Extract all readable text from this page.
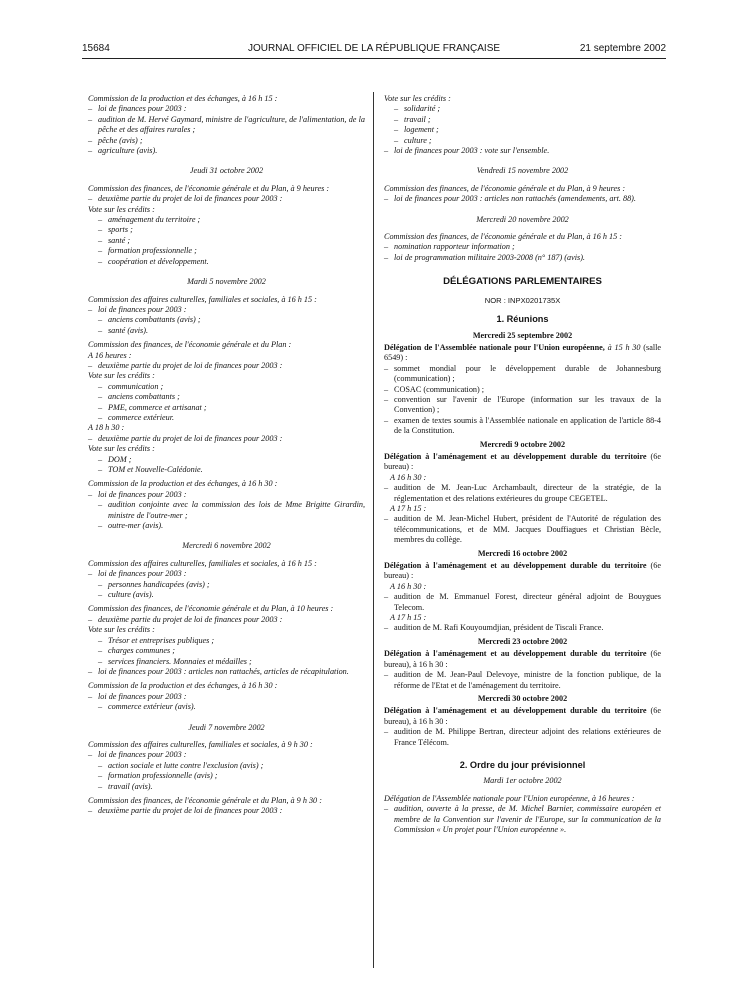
15684	JOURNAL OFFICIEL DE LA RÉPUBLIQUE FRANÇAISE	21 septembre 2002

Commission de la production et des échanges, à 16 h 15 :

– loi de finances pour 2003 :
– audition de M. Hervé Gaymard, ministre de l'agriculture, de l'alimentation, de la pêche et des affaires rurales ;
– pêche (avis) ;
– agriculture (avis).
Jeudi 31 octobre 2002

Commission des finances, de l'économie générale et du Plan, à 9 heures :

– deuxième partie du projet de loi de finances pour 2003 :

Vote sur les crédits :

– aménagement du territoire ;
– sports ;
– santé ;
– formation professionnelle ;
– coopération et développement.
Mardi 5 novembre 2002

Commission des affaires culturelles, familiales et sociales, à 16 h 15 :

– loi de finances pour 2003 :
– anciens combattants (avis) ;
– santé (avis).

Commission des finances, de l'économie générale et du Plan :

A 16 heures :

– deuxième partie du projet de loi de finances pour 2003 :

Vote sur les crédits :

– communication ;
– anciens combattants ;
– PME, commerce et artisanat ;
– commerce extérieur.

A 18 h 30 :

– deuxième partie du projet de loi de finances pour 2003 :

Vote sur les crédits :

– DOM ;
– TOM et Nouvelle-Calédonie.

Commission de la production et des échanges, à 16 h 30 :

– loi de finances pour 2003 :
– audition conjointe avec la commission des lois de Mme Brigitte Girardin, ministre de l'outre-mer ;
– outre-mer (avis).
Mercredi 6 novembre 2002

Commission des affaires culturelles, familiales et sociales, à 16 h 15 :

– loi de finances pour 2003 :
– personnes handicapées (avis) ;
– culture (avis).

Commission des finances, de l'économie générale et du Plan, à 10 heures :

– deuxième partie du projet de loi de finances pour 2003 :

Vote sur les crédits :

– Trésor et entreprises publiques ;
– charges communes ;
– services financiers. Monnaies et médailles ;
– loi de finances pour 2003 : articles non rattachés, articles de récapitulation.

Commission de la production et des échanges, à 16 h 30 :

– loi de finances pour 2003 :
– commerce extérieur (avis).
Jeudi 7 novembre 2002

Commission des affaires culturelles, familiales et sociales, à 9 h 30 :

– loi de finances pour 2003 :
– action sociale et lutte contre l'exclusion (avis) ;
– formation professionnelle (avis) ;
– travail (avis).

Commission des finances, de l'économie générale et du Plan, à 9 h 30 :

– deuxième partie du projet de loi de finances pour 2003 :

Vote sur les crédits :

– solidarité ;
– travail ;
– logement ;
– culture ;
– loi de finances pour 2003 : vote sur l'ensemble.
Vendredi 15 novembre 2002

Commission des finances, de l'économie générale et du Plan, à 9 heures :

– loi de finances pour 2003 : articles non rattachés (amendements, art. 88).
Mercredi 20 novembre 2002

Commission des finances, de l'économie générale et du Plan, à 16 h 15 :

– nomination rapporteur information ;
– loi de programmation militaire 2003-2008 (n° 187) (avis).
DÉLÉGATIONS PARLEMENTAIRES
NOR : INPX0201735X
1. Réunions
Mercredi 25 septembre 2002

Délégation de l'Assemblée nationale pour l'Union européenne, à 15 h 30 (salle 6549) :

– sommet mondial pour le développement durable de Johannesburg (communication) ;
– COSAC (communication) ;
– convention sur l'avenir de l'Europe (information sur les travaux de la Convention) ;
– examen de textes soumis à l'Assemblée nationale en application de l'article 88-4 de la Constitution.
Mercredi 9 octobre 2002

Délégation à l'aménagement et au développement durable du territoire (6e bureau) :

A 16 h 30 :

– audition de M. Jean-Luc Archambault, directeur de la stratégie, de la réglementation et des relations extérieures du groupe CEGETEL.

A 17 h 15 :

– audition de M. Jean-Michel Hubert, président de l'Autorité de régulation des télécommunications, et de MM. Jacques Douffiagues et Christian Bècle, membres du collège.
Mercredi 16 octobre 2002

Délégation à l'aménagement et au développement durable du territoire (6e bureau) :

A 16 h 30 :

– audition de M. Emmanuel Forest, directeur général adjoint de Bouygues Telecom.

A 17 h 15 :

– audition de M. Rafi Kouyoumdjian, président de Tiscali France.
Mercredi 23 octobre 2002

Délégation à l'aménagement et au développement durable du territoire (6e bureau), à 16 h 30 :

– audition de M. Jean-Paul Delevoye, ministre de la fonction publique, de la réforme de l'Etat et de l'aménagement du territoire.
Mercredi 30 octobre 2002

Délégation à l'aménagement et au développement durable du territoire (6e bureau), à 16 h 30 :

– audition de M. Philippe Bertran, directeur adjoint des relations extérieures de France Télécom.
2. Ordre du jour prévisionnel
Mardi 1er octobre 2002

Délégation de l'Assemblée nationale pour l'Union européenne, à 16 heures :

– audition, ouverte à la presse, de M. Michel Barnier, commissaire européen et membre de la Convention sur l'avenir de l'Europe, sur la communication de la Commission « Un projet pour l'Union européenne ».
